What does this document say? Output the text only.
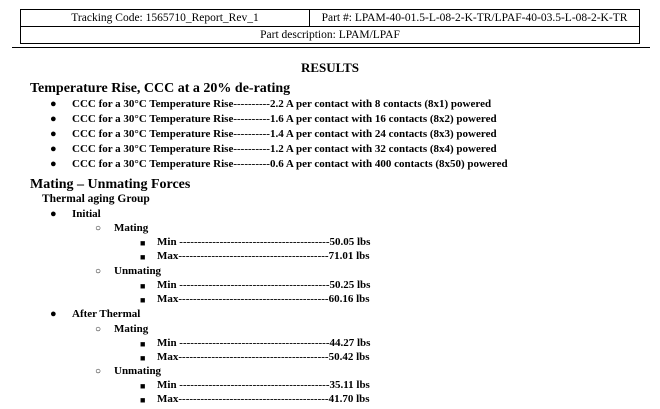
Tracking Code: 1565710_Report_Rev_1	Part #: LPAM-40-01.5-L-08-2-K-TR/LPAF-40-03.5-L-08-2-K-TR
Part description: LPAM/LPAF
RESULTS
Temperature Rise, CCC at a 20% de-rating
● CCC for a 30°C Temperature Rise----------2.2 A per contact with 8 contacts (8x1) powered
● CCC for a 30°C Temperature Rise----------1.6 A per contact with 16 contacts (8x2) powered
● CCC for a 30°C Temperature Rise----------1.4 A per contact with 24 contacts (8x3) powered
● CCC for a 30°C Temperature Rise----------1.2 A per contact with 32 contacts (8x4) powered
● CCC for a 30°C Temperature Rise----------0.6 A per contact with 400 contacts (8x50) powered
Mating – Unmating Forces
Thermal aging Group
● Initial
○ Mating
■ Min -----------------------------------------50.05 lbs
■ Max-----------------------------------------71.01 lbs
○ Unmating
■ Min -----------------------------------------50.25 lbs
■ Max-----------------------------------------60.16 lbs
● After Thermal
○ Mating
■ Min -----------------------------------------44.27 lbs
■ Max-----------------------------------------50.42 lbs
○ Unmating
■ Min -----------------------------------------35.11 lbs
■ Max-----------------------------------------41.70 lbs
